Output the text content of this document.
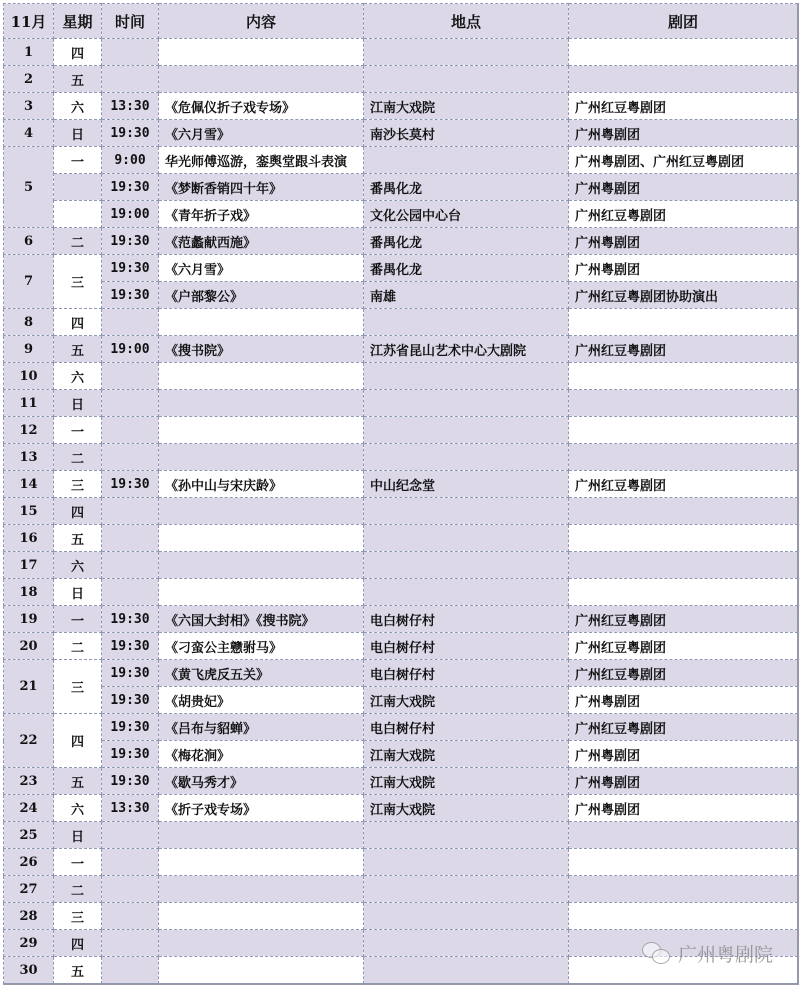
11月	星期	时间	内容	地点	剧团
1	四				
2	五				
3	六	13:30	《危佩仪折子戏专场》	江南大戏院	广州红豆粤剧团
4	日	19:30	《六月雪》	南沙长莫村	广州粤剧团
5	一	9:00	华光师傅巡游，銮舆堂跟斗表演		广州粤剧团、广州红豆粤剧团
		19:30	《梦断香销四十年》	番禺化龙	广州粤剧团
		19:00	《青年折子戏》	文化公园中心台	广州红豆粤剧团
6	二	19:30	《范蠡献西施》	番禺化龙	广州粤剧团
7	三	19:30	《六月雪》	番禺化龙	广州粤剧团
		19:30	《户部黎公》	南雄	广州红豆粤剧团协助演出
8	四				
9	五	19:00	《搜书院》	江苏省昆山艺术中心大剧院	广州红豆粤剧团
10	六				
11	日				
12	一				
13	二				
14	三	19:30	《孙中山与宋庆龄》	中山纪念堂	广州红豆粤剧团
15	四				
16	五				
17	六				
18	日				
19	一	19:30	《六国大封相》《搜书院》	电白树仔村	广州红豆粤剧团
20	二	19:30	《刁蛮公主戆驸马》	电白树仔村	广州红豆粤剧团
21	三	19:30	《黄飞虎反五关》	电白树仔村	广州红豆粤剧团
		19:30	《胡贵妃》	江南大戏院	广州粤剧团
22	四	19:30	《吕布与貂蝉》	电白树仔村	广州红豆粤剧团
		19:30	《梅花涧》	江南大戏院	广州粤剧团
23	五	19:30	《歇马秀才》	江南大戏院	广州粤剧团
24	六	13:30	《折子戏专场》	江南大戏院	广州粤剧团
25	日				
26	一				
27	二				
28	三				
29	四				
30	五				
广州粤剧院
